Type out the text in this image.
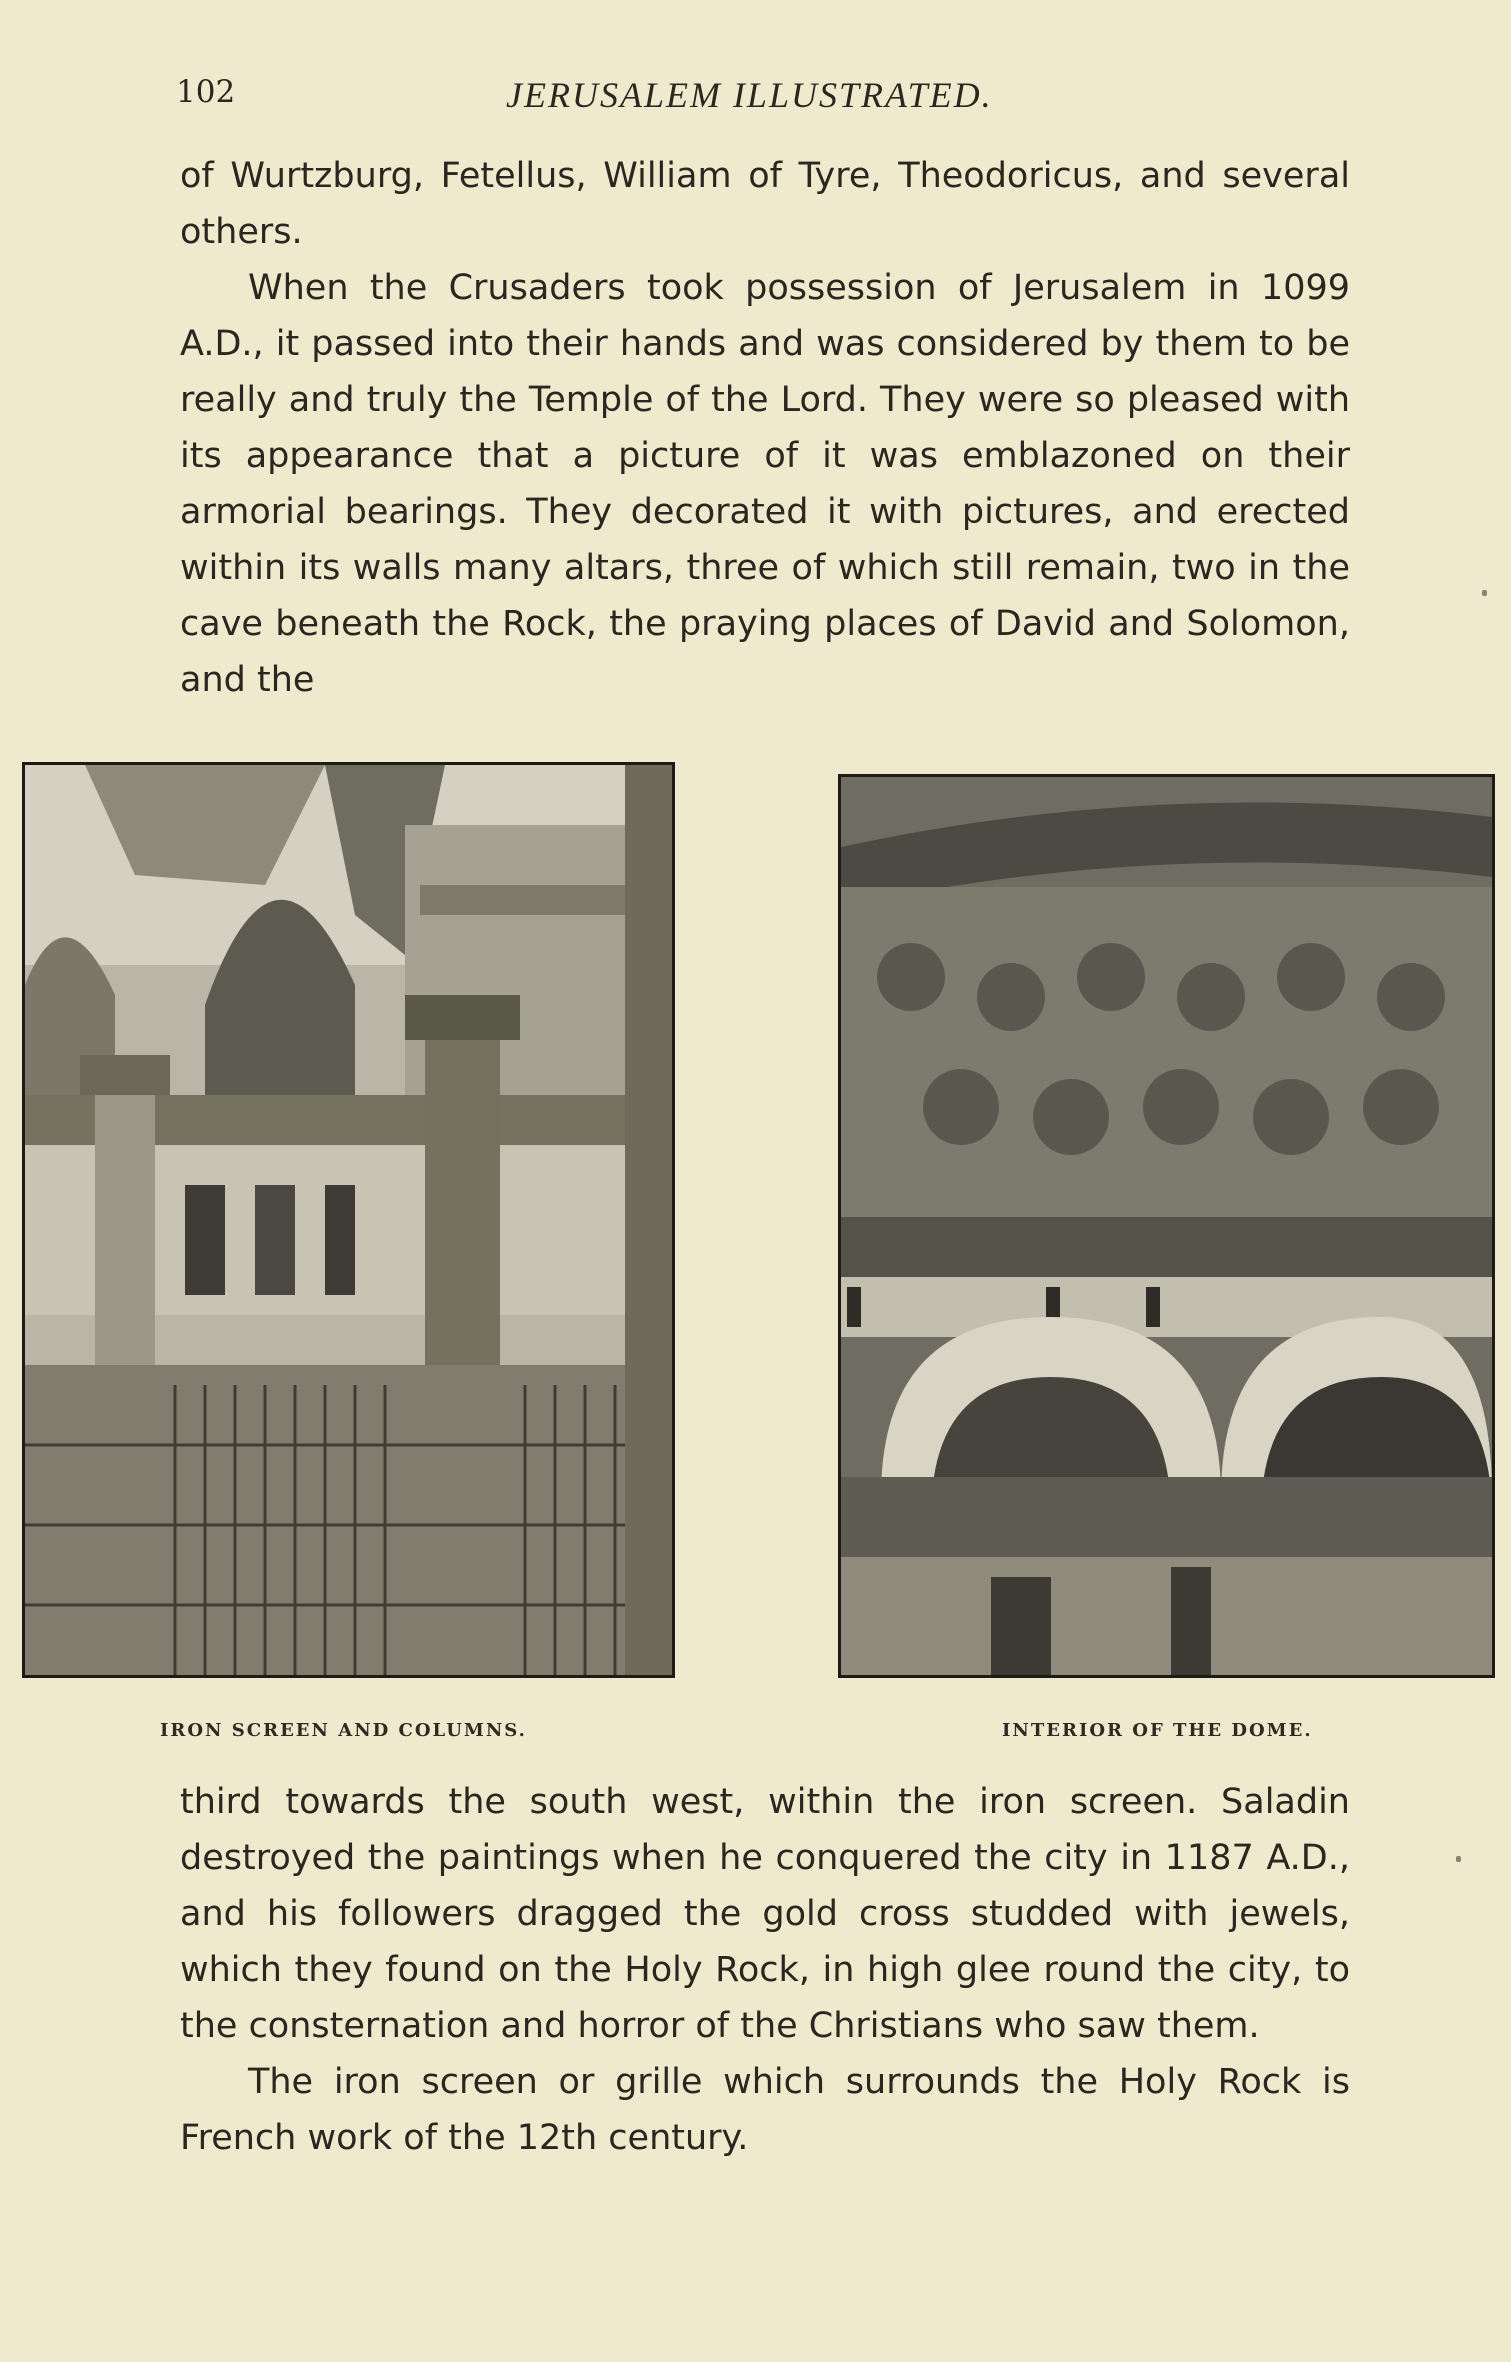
102	JERUSALEM ILLUSTRATED.

of Wurtzburg, Fetellus, William of Tyre, Theodoricus, and several others.

When the Crusaders took possession of Jerusalem in 1099 A.D., it passed into their hands and was considered by them to be really and truly the Temple of the Lord. They were so pleased with its appearance that a picture of it was emblazoned on their armorial bearings. They decorated it with pictures, and erected within its walls many altars, three of which still remain, two in the cave beneath the Rock, the praying places of David and Solomon, and the

IRON SCREEN AND COLUMNS.	INTERIOR OF THE DOME.

third towards the south west, within the iron screen. Saladin destroyed the paintings when he conquered the city in 1187 A.D., and his followers dragged the gold cross studded with jewels, which they found on the Holy Rock, in high glee round the city, to the consternation and horror of the Christians who saw them.

The iron screen or grille which surrounds the Holy Rock is French work of the 12th century.
